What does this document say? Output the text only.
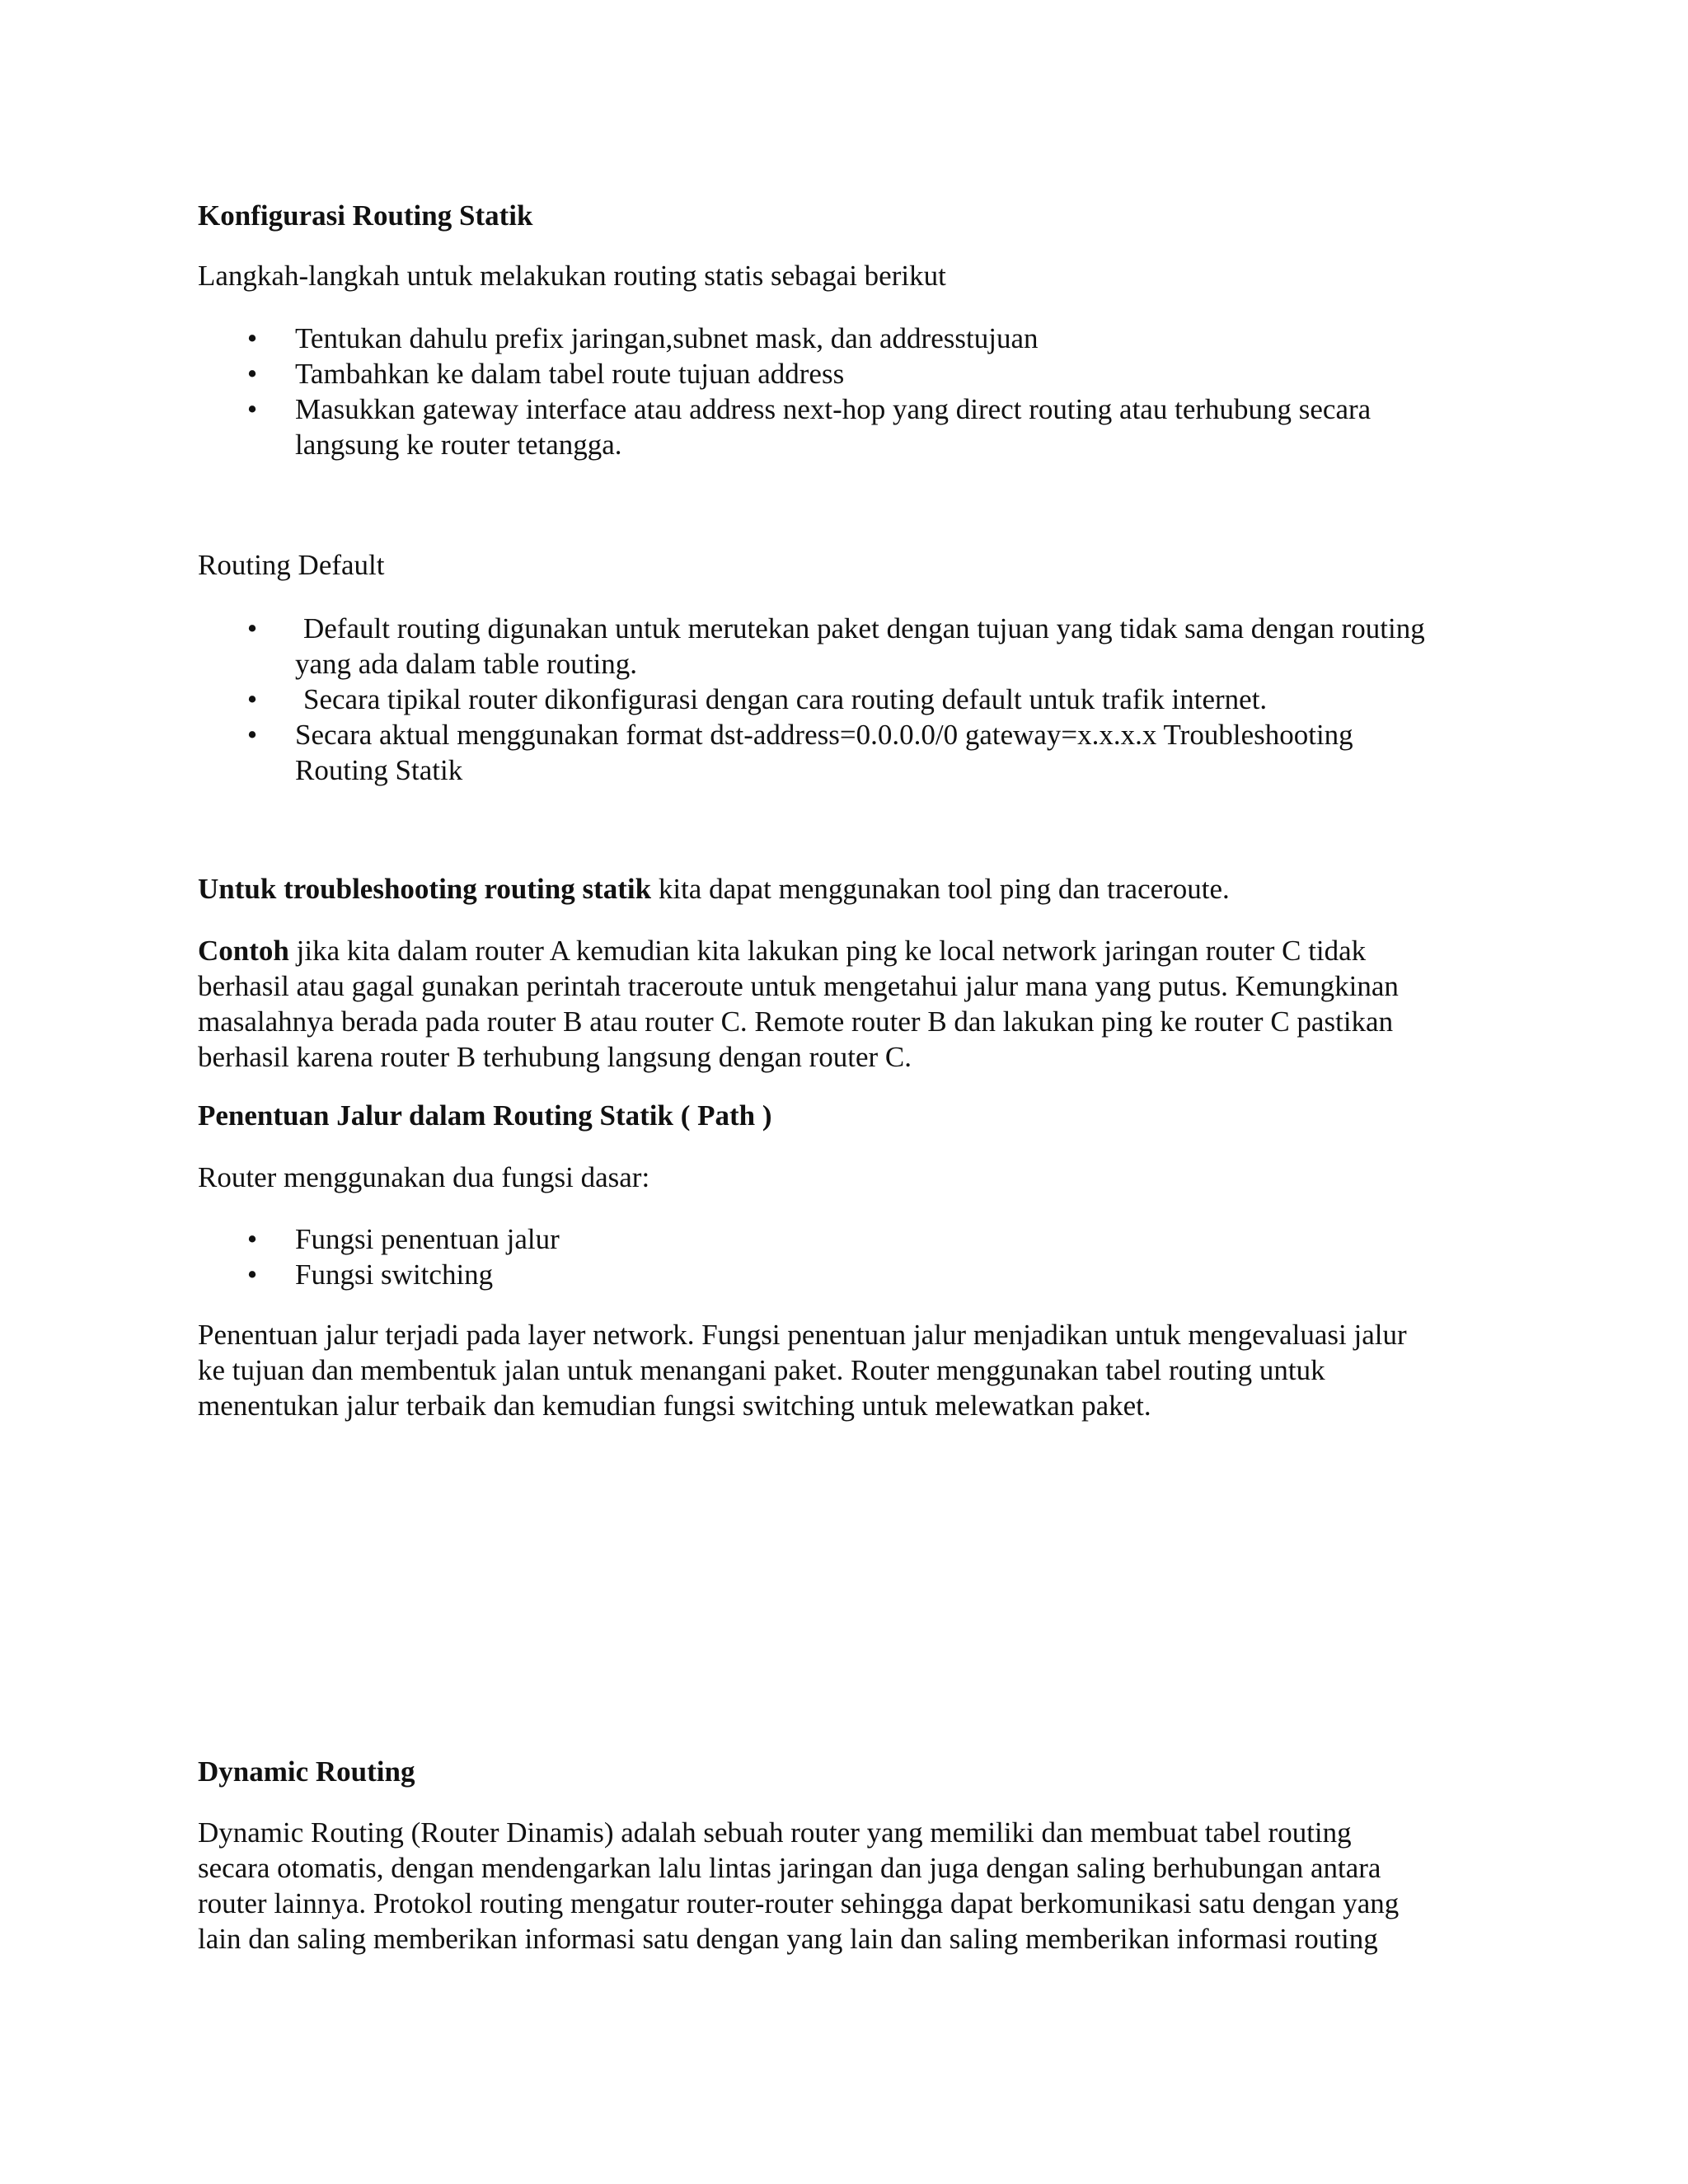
Konfigurasi Routing Statik

Langkah-langkah untuk melakukan routing statis sebagai berikut

•
Tentukan dahulu prefix jaringan,subnet mask, dan addresstujuan
•
Tambahkan ke dalam tabel route tujuan address
•
Masukkan gateway interface atau address next-hop yang direct routing atau terhubung secara
langsung ke router tetangga.

Routing Default

•
Default routing digunakan untuk merutekan paket dengan tujuan yang tidak sama dengan routing
yang ada dalam table routing.
•
Secara tipikal router dikonfigurasi dengan cara routing default untuk trafik internet.
•
Secara aktual menggunakan format dst-address=0.0.0.0/0 gateway=x.x.x.x Troubleshooting
Routing Statik

Untuk troubleshooting routing statik kita dapat menggunakan tool ping dan traceroute.

Contoh jika kita dalam router A kemudian kita lakukan ping ke local network jaringan router C tidak
berhasil atau gagal gunakan perintah traceroute untuk mengetahui jalur mana yang putus. Kemungkinan
masalahnya berada pada router B atau router C. Remote router B dan lakukan ping ke router C pastikan
berhasil karena router B terhubung langsung dengan router C.

Penentuan Jalur dalam Routing Statik ( Path )

Router menggunakan dua fungsi dasar:

•
Fungsi penentuan jalur
•
Fungsi switching

Penentuan jalur terjadi pada layer network. Fungsi penentuan jalur menjadikan untuk mengevaluasi jalur
ke tujuan dan membentuk jalan untuk menangani paket. Router menggunakan tabel routing untuk
menentukan jalur terbaik dan kemudian fungsi switching untuk melewatkan paket.

Dynamic Routing

Dynamic Routing (Router Dinamis) adalah sebuah router yang memiliki dan membuat tabel routing
secara otomatis, dengan mendengarkan lalu lintas jaringan dan juga dengan saling berhubungan antara
router lainnya. Protokol routing mengatur router-router sehingga dapat berkomunikasi satu dengan yang
lain dan saling memberikan informasi satu dengan yang lain dan saling memberikan informasi routing
